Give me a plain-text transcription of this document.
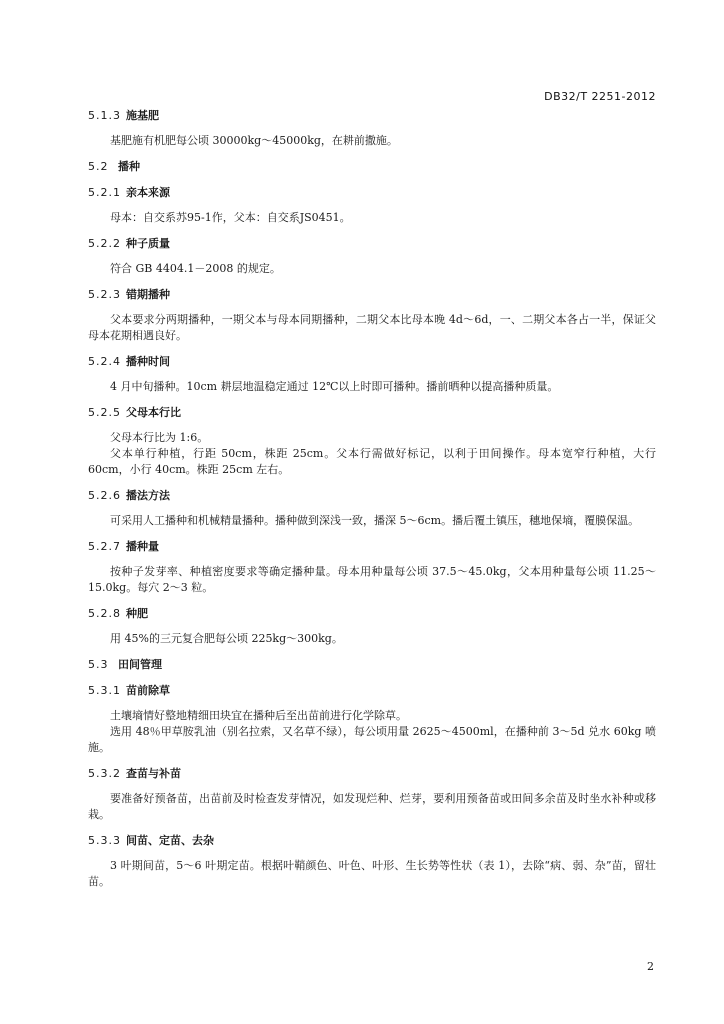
DB32/T 2251-2012
5.1.3 施基肥

基肥施有机肥每公顷 30000kg～45000kg，在耕前撒施。

5.2 播种
5.2.1 亲本来源

母本：自交系苏95-1作，父本：自交系JS0451。

5.2.2 种子质量

符合 GB 4404.1－2008 的规定。

5.2.3 错期播种

父本要求分两期播种，一期父本与母本同期播种，二期父本比母本晚 4d～6d，一、二期父本各占一半，保证父母本花期相遇良好。

5.2.4 播种时间

4 月中旬播种。10cm 耕层地温稳定通过 12℃以上时即可播种。播前晒种以提高播种质量。

5.2.5 父母本行比

父母本行比为 1:6。

父本单行种植，行距 50cm，株距 25cm。父本行需做好标记，以利于田间操作。母本宽窄行种植，大行 60cm，小行 40cm。株距 25cm 左右。

5.2.6 播法方法

可采用人工播种和机械精量播种。播种做到深浅一致，播深 5～6cm。播后覆土镇压，穗地保墒，覆膜保温。

5.2.7 播种量

按种子发芽率、种植密度要求等确定播种量。母本用种量每公顷 37.5～45.0kg，父本用种量每公顷 11.25～15.0kg。每穴 2～3 粒。

5.2.8 种肥

用 45%的三元复合肥每公顷 225kg～300kg。

5.3 田间管理
5.3.1 苗前除草

土壤墒情好整地精细田块宜在播种后至出苗前进行化学除草。

选用 48％甲草胺乳油（别名拉索，又名草不绿），每公顷用量 2625～4500ml，在播种前 3～5d 兑水 60kg 喷施。

5.3.2 查苗与补苗

要准备好预备苗，出苗前及时检查发芽情况，如发现烂种、烂芽，要利用预备苗或田间多余苗及时坐水补种或移栽。

5.3.3 间苗、定苗、去杂

3 叶期间苗，5～6 叶期定苗。根据叶鞘颜色、叶色、叶形、生长势等性状（表 1），去除“病、弱、杂”苗，留壮苗。

2
